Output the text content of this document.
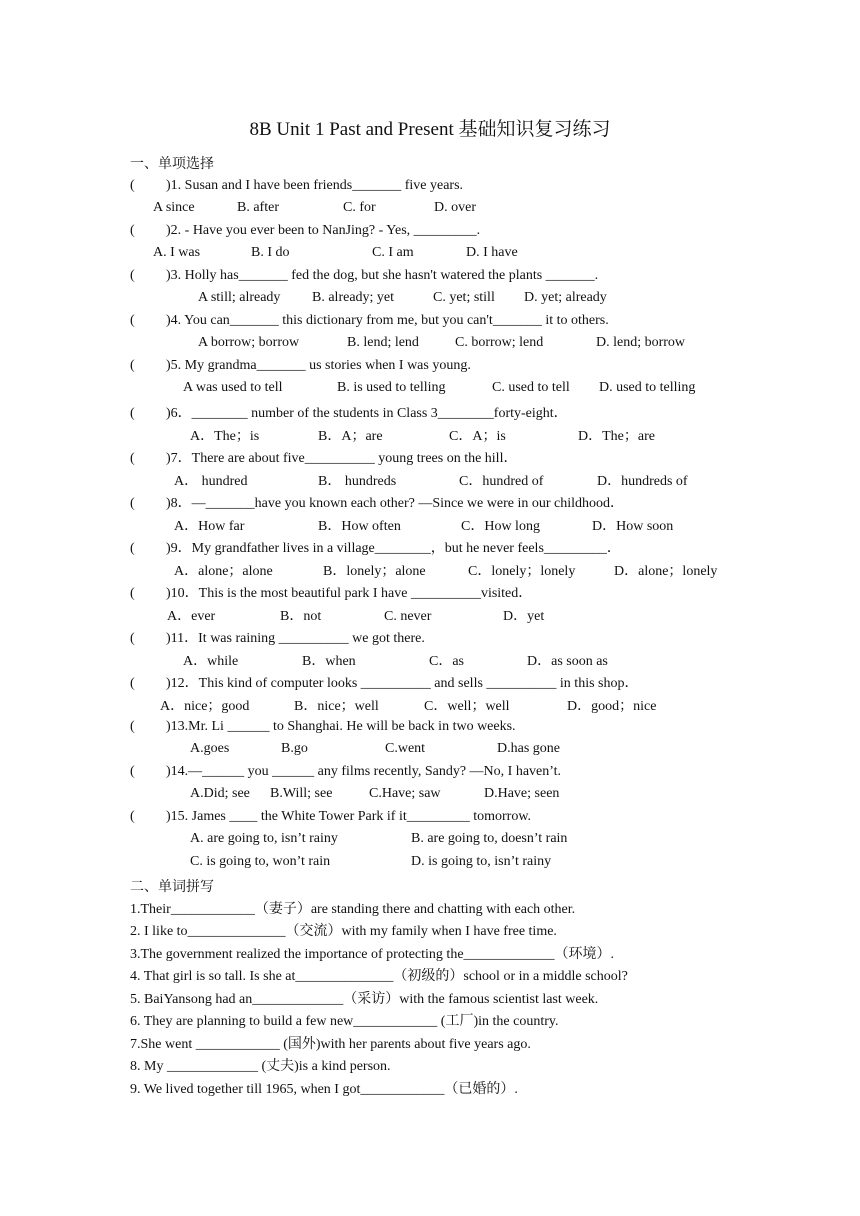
8B Unit 1 Past and Present 基础知识复习练习
一、单项选择
( )1. Susan and I have been friends_______ five years.
A since	B. after	C. for	D. over
( )2. - Have you ever been to NanJing? - Yes, _________.
A. I was	B. I do	C. I am	D. I have
( )3. Holly has_______ fed the dog, but she hasn't watered the plants _______.
A still; already B. already; yet	C. yet; still D. yet; already
( )4. You can_______ this dictionary from me, but you can't_______ it to others.
A borrow; borrow	B. lend; lend	C. borrow; lend	D. lend; borrow
( )5. My grandma_______ us stories when I was young.
A was used to tell	B. is used to telling	C. used to tell D. used to telling
( )6．________ number of the students in Class 3________forty-eight．
A．The；is	B．A；are	C．A；is	D．The；are
( )7．There are about five__________ young trees on the hill．
A． hundred	B． hundreds	C．hundred of	D．hundreds of
( )8．—_______have you known each other? —Since we were in our childhood．
A．How far	B．How often	C．How long	D．How soon
( )9．My grandfather lives in a village________，but he never feels_________．
A．alone；alone	B．lonely；alone	C．lonely；lonely	D．alone；lonely
( )10．This is the most beautiful park I have __________visited．
A．ever	B．not	C. never	D．yet
( )11．It was raining __________ we got there.
A．while	B．when	C．as	D．as soon as
( )12．This kind of computer looks __________ and sells __________ in this shop．
A．nice；good	B．nice；well	C．well；well	D．good；nice
( )13.Mr. Li ______ to Shanghai. He will be back in two weeks.
A.goes	B.go	C.went	D.has gone
( )14.—______ you ______ any films recently, Sandy? —No, I haven’t.
A.Did; see B.Will; see	C.Have; saw	D.Have; seen
( )15. James ____ the White Tower Park if it_________ tomorrow.
A. are going to, isn’t rainy	B. are going to, doesn’t rain
C. is going to, won’t rain	D. is going to, isn’t rainy
二、单词拼写
1.Their____________（妻子）are standing there and chatting with each other.
2. I like to______________（交流）with my family when I have free time.
3.The government realized the importance of protecting the_____________（环境）.
4. That girl is so tall. Is she at______________（初级的）school or in a middle school?
5. BaiYansong had an_____________（采访）with the famous scientist last week.
6. They are planning to build a few new____________ (工厂)in the country.
7.She went ____________ (国外)with her parents about five years ago.
8. My _____________ (丈夫)is a kind person.
9. We lived together till 1965, when I got____________（已婚的）.
